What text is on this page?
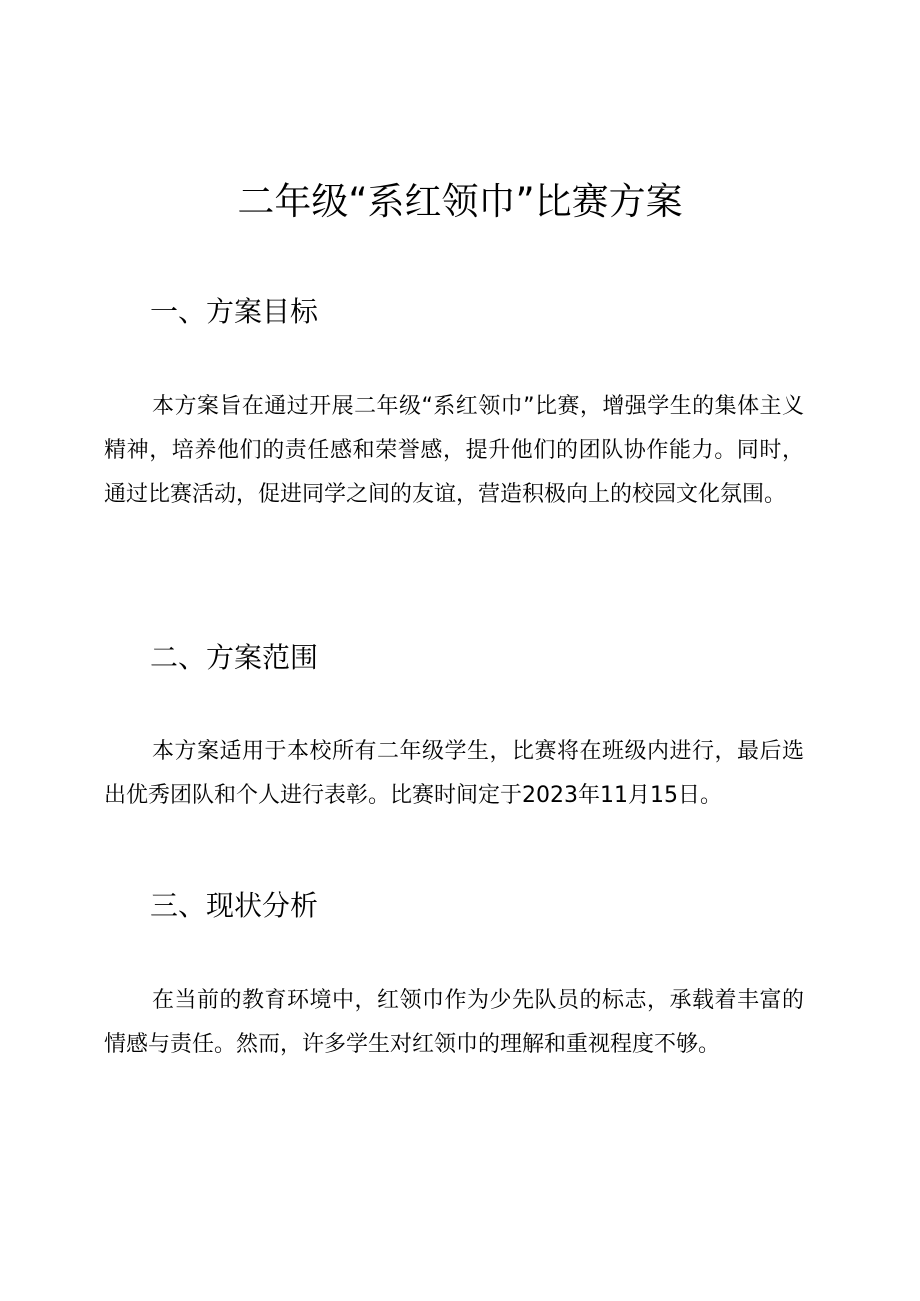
二年级“系红领巾”比赛方案
一、方案目标

本方案旨在通过开展二年级“系红领巾”比赛，增强学生的集体主义精神，培养他们的责任感和荣誉感，提升他们的团队协作能力。同时，通过比赛活动，促进同学之间的友谊，营造积极向上的校园文化氛围。

二、方案范围

本方案适用于本校所有二年级学生，比赛将在班级内进行，最后选出优秀团队和个人进行表彰。比赛时间定于2023年11月15日。

三、现状分析

在当前的教育环境中，红领巾作为少先队员的标志，承载着丰富的情感与责任。然而，许多学生对红领巾的理解和重视程度不够。
